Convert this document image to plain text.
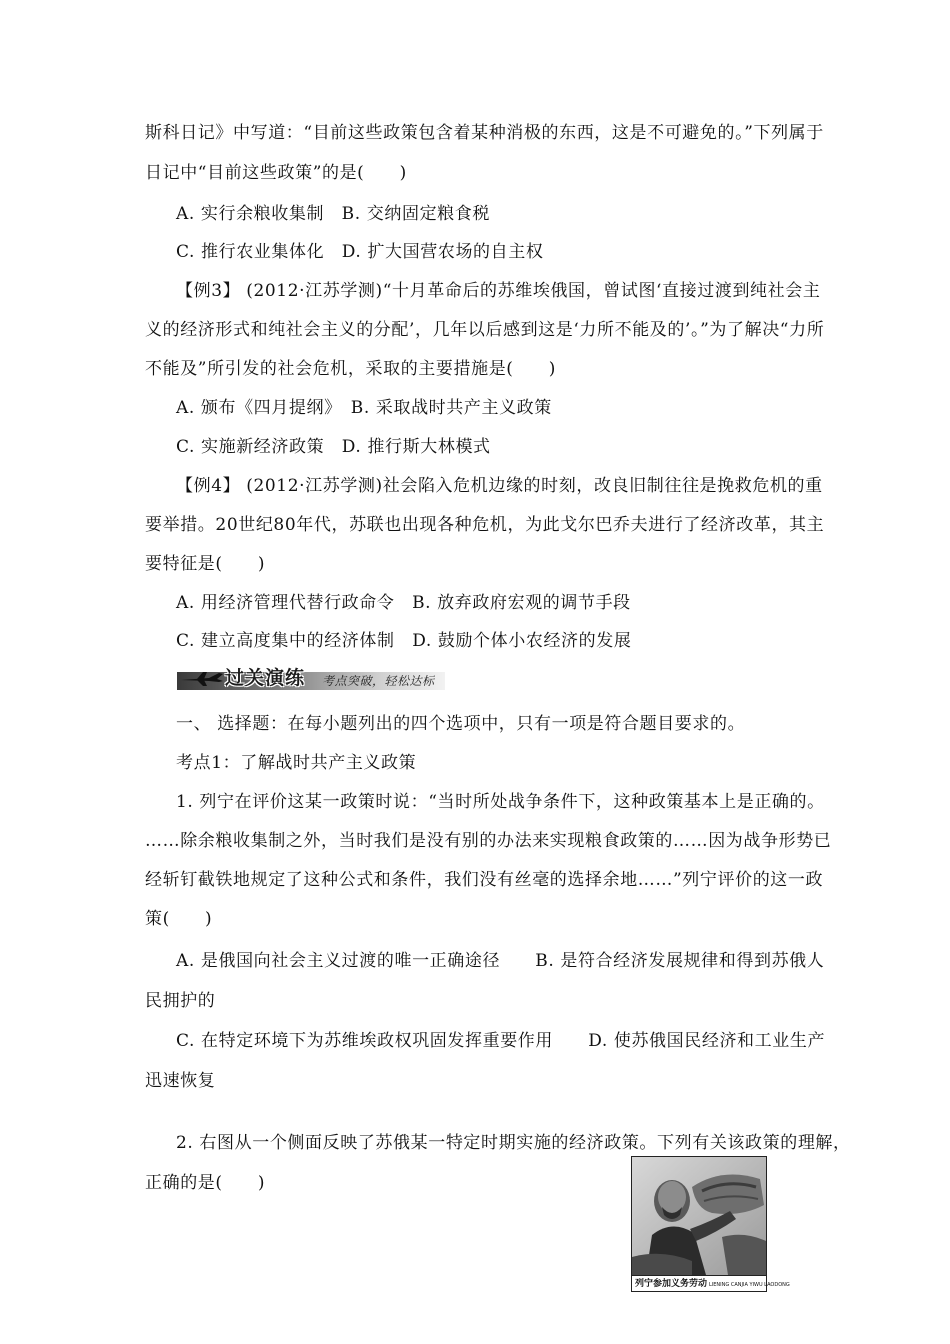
斯科日记》中写道：“目前这些政策包含着某种消极的东西，这是不可避免的。”下列属于
日记中“目前这些政策”的是(　　)
A. 实行余粮收集制　B. 交纳固定粮食税
C. 推行农业集体化　D. 扩大国营农场的自主权
【例3】 (2012·江苏学测)“十月革命后的苏维埃俄国，曾试图‘直接过渡到纯社会主
义的经济形式和纯社会主义的分配’，几年以后感到这是‘力所不能及的’。”为了解决“力所
不能及”所引发的社会危机，采取的主要措施是(　　)
A. 颁布《四月提纲》　B. 采取战时共产主义政策
C. 实施新经济政策　D. 推行斯大林模式
【例4】 (2012·江苏学测)社会陷入危机边缘的时刻，改良旧制往往是挽救危机的重
要举措。20世纪80年代，苏联也出现各种危机，为此戈尔巴乔夫进行了经济改革，其主
要特征是(　　)
A. 用经济管理代替行政命令　B. 放弃政府宏观的调节手段
C. 建立高度集中的经济体制　D. 鼓励个体小农经济的发展
过关演练 考点突破，轻松达标
一、 选择题：在每小题列出的四个选项中，只有一项是符合题目要求的。
考点1：了解战时共产主义政策
1. 列宁在评价这某一政策时说：“当时所处战争条件下，这种政策基本上是正确的。
……除余粮收集制之外，当时我们是没有别的办法来实现粮食政策的……因为战争形势已
经斩钉截铁地规定了这种公式和条件，我们没有丝毫的选择余地……”列宁评价的这一政
策(　　)
A. 是俄国向社会主义过渡的唯一正确途径　　B. 是符合经济发展规律和得到苏俄人
民拥护的
C. 在特定环境下为苏维埃政权巩固发挥重要作用　　D. 使苏俄国民经济和工业生产
迅速恢复
2. 右图从一个侧面反映了苏俄某一特定时期实施的经济政策。下列有关该政策的理解，
正确的是(　　)
列宁参加义务劳动 LIENING CANJIA YIWU LAODONG
